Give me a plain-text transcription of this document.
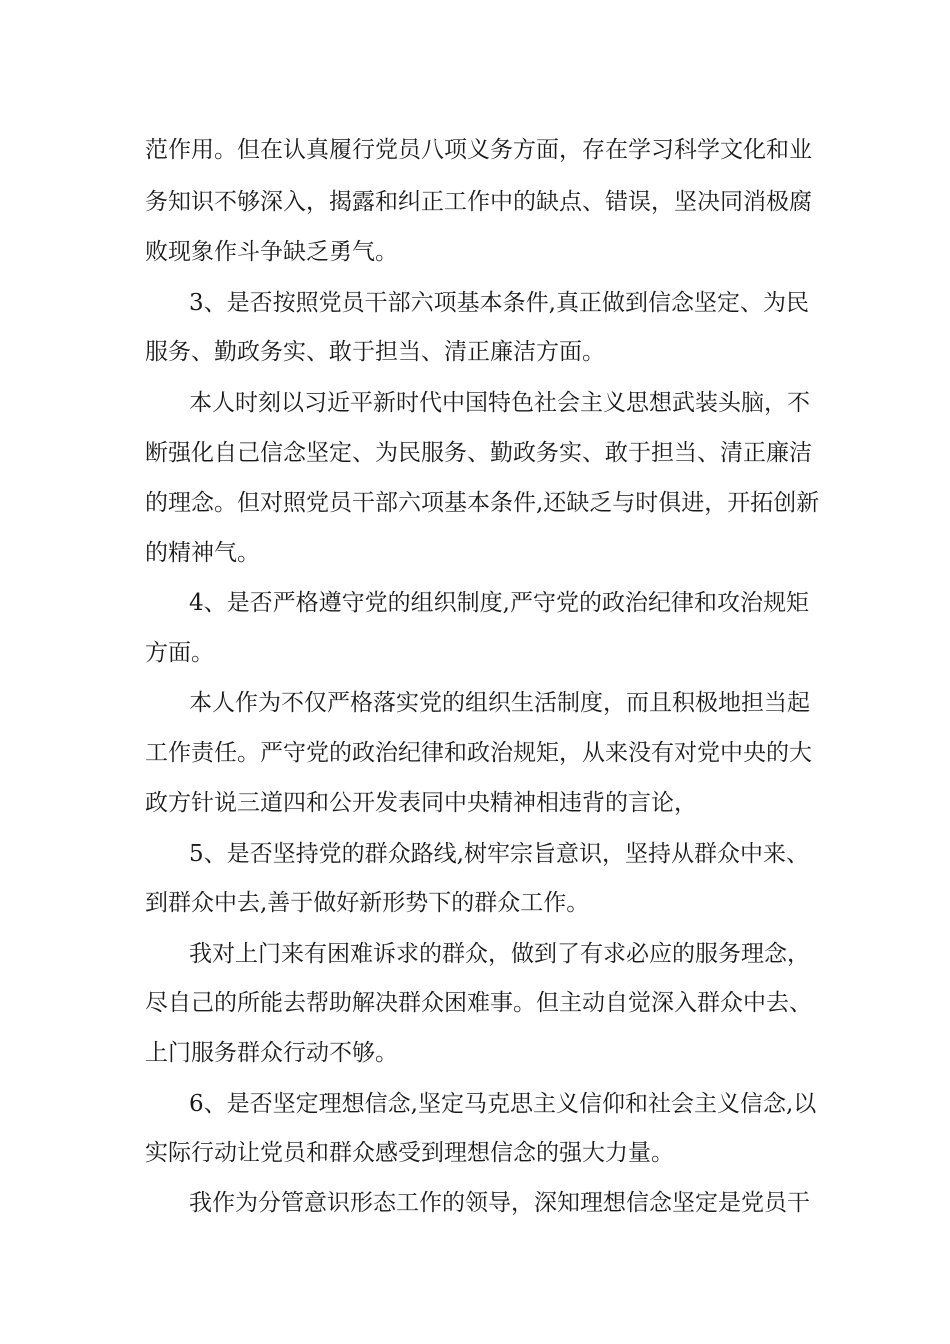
范作用。但在认真履行党员八项义务方面，存在学习科学文化和业
务知识不够深入，揭露和纠正工作中的缺点、错误，坚决同消极腐
败现象作斗争缺乏勇气。
3、是否按照党员干部六项基本条件,真正做到信念坚定、为民
服务、勤政务实、敢于担当、清正廉洁方面。
本人时刻以习近平新时代中国特色社会主义思想武装头脑，不
断强化自己信念坚定、为民服务、勤政务实、敢于担当、清正廉洁
的理念。但对照党员干部六项基本条件,还缺乏与时俱进，开拓创新
的精神气。
4、是否严格遵守党的组织制度,严守党的政治纪律和攻治规矩
方面。
本人作为不仅严格落实党的组织生活制度，而且积极地担当起
工作责任。严守党的政治纪律和政治规矩，从来没有对党中央的大
政方针说三道四和公开发表同中央精神相违背的言论，
5、是否坚持党的群众路线,树牢宗旨意识，坚持从群众中来、
到群众中去,善于做好新形势下的群众工作。
我对上门来有困难诉求的群众，做到了有求必应的服务理念，
尽自己的所能去帮助解决群众困难事。但主动自觉深入群众中去、
上门服务群众行动不够。
6、是否坚定理想信念,坚定马克思主义信仰和社会主义信念,以
实际行动让党员和群众感受到理想信念的强大力量。
我作为分管意识形态工作的领导，深知理想信念坚定是党员干
